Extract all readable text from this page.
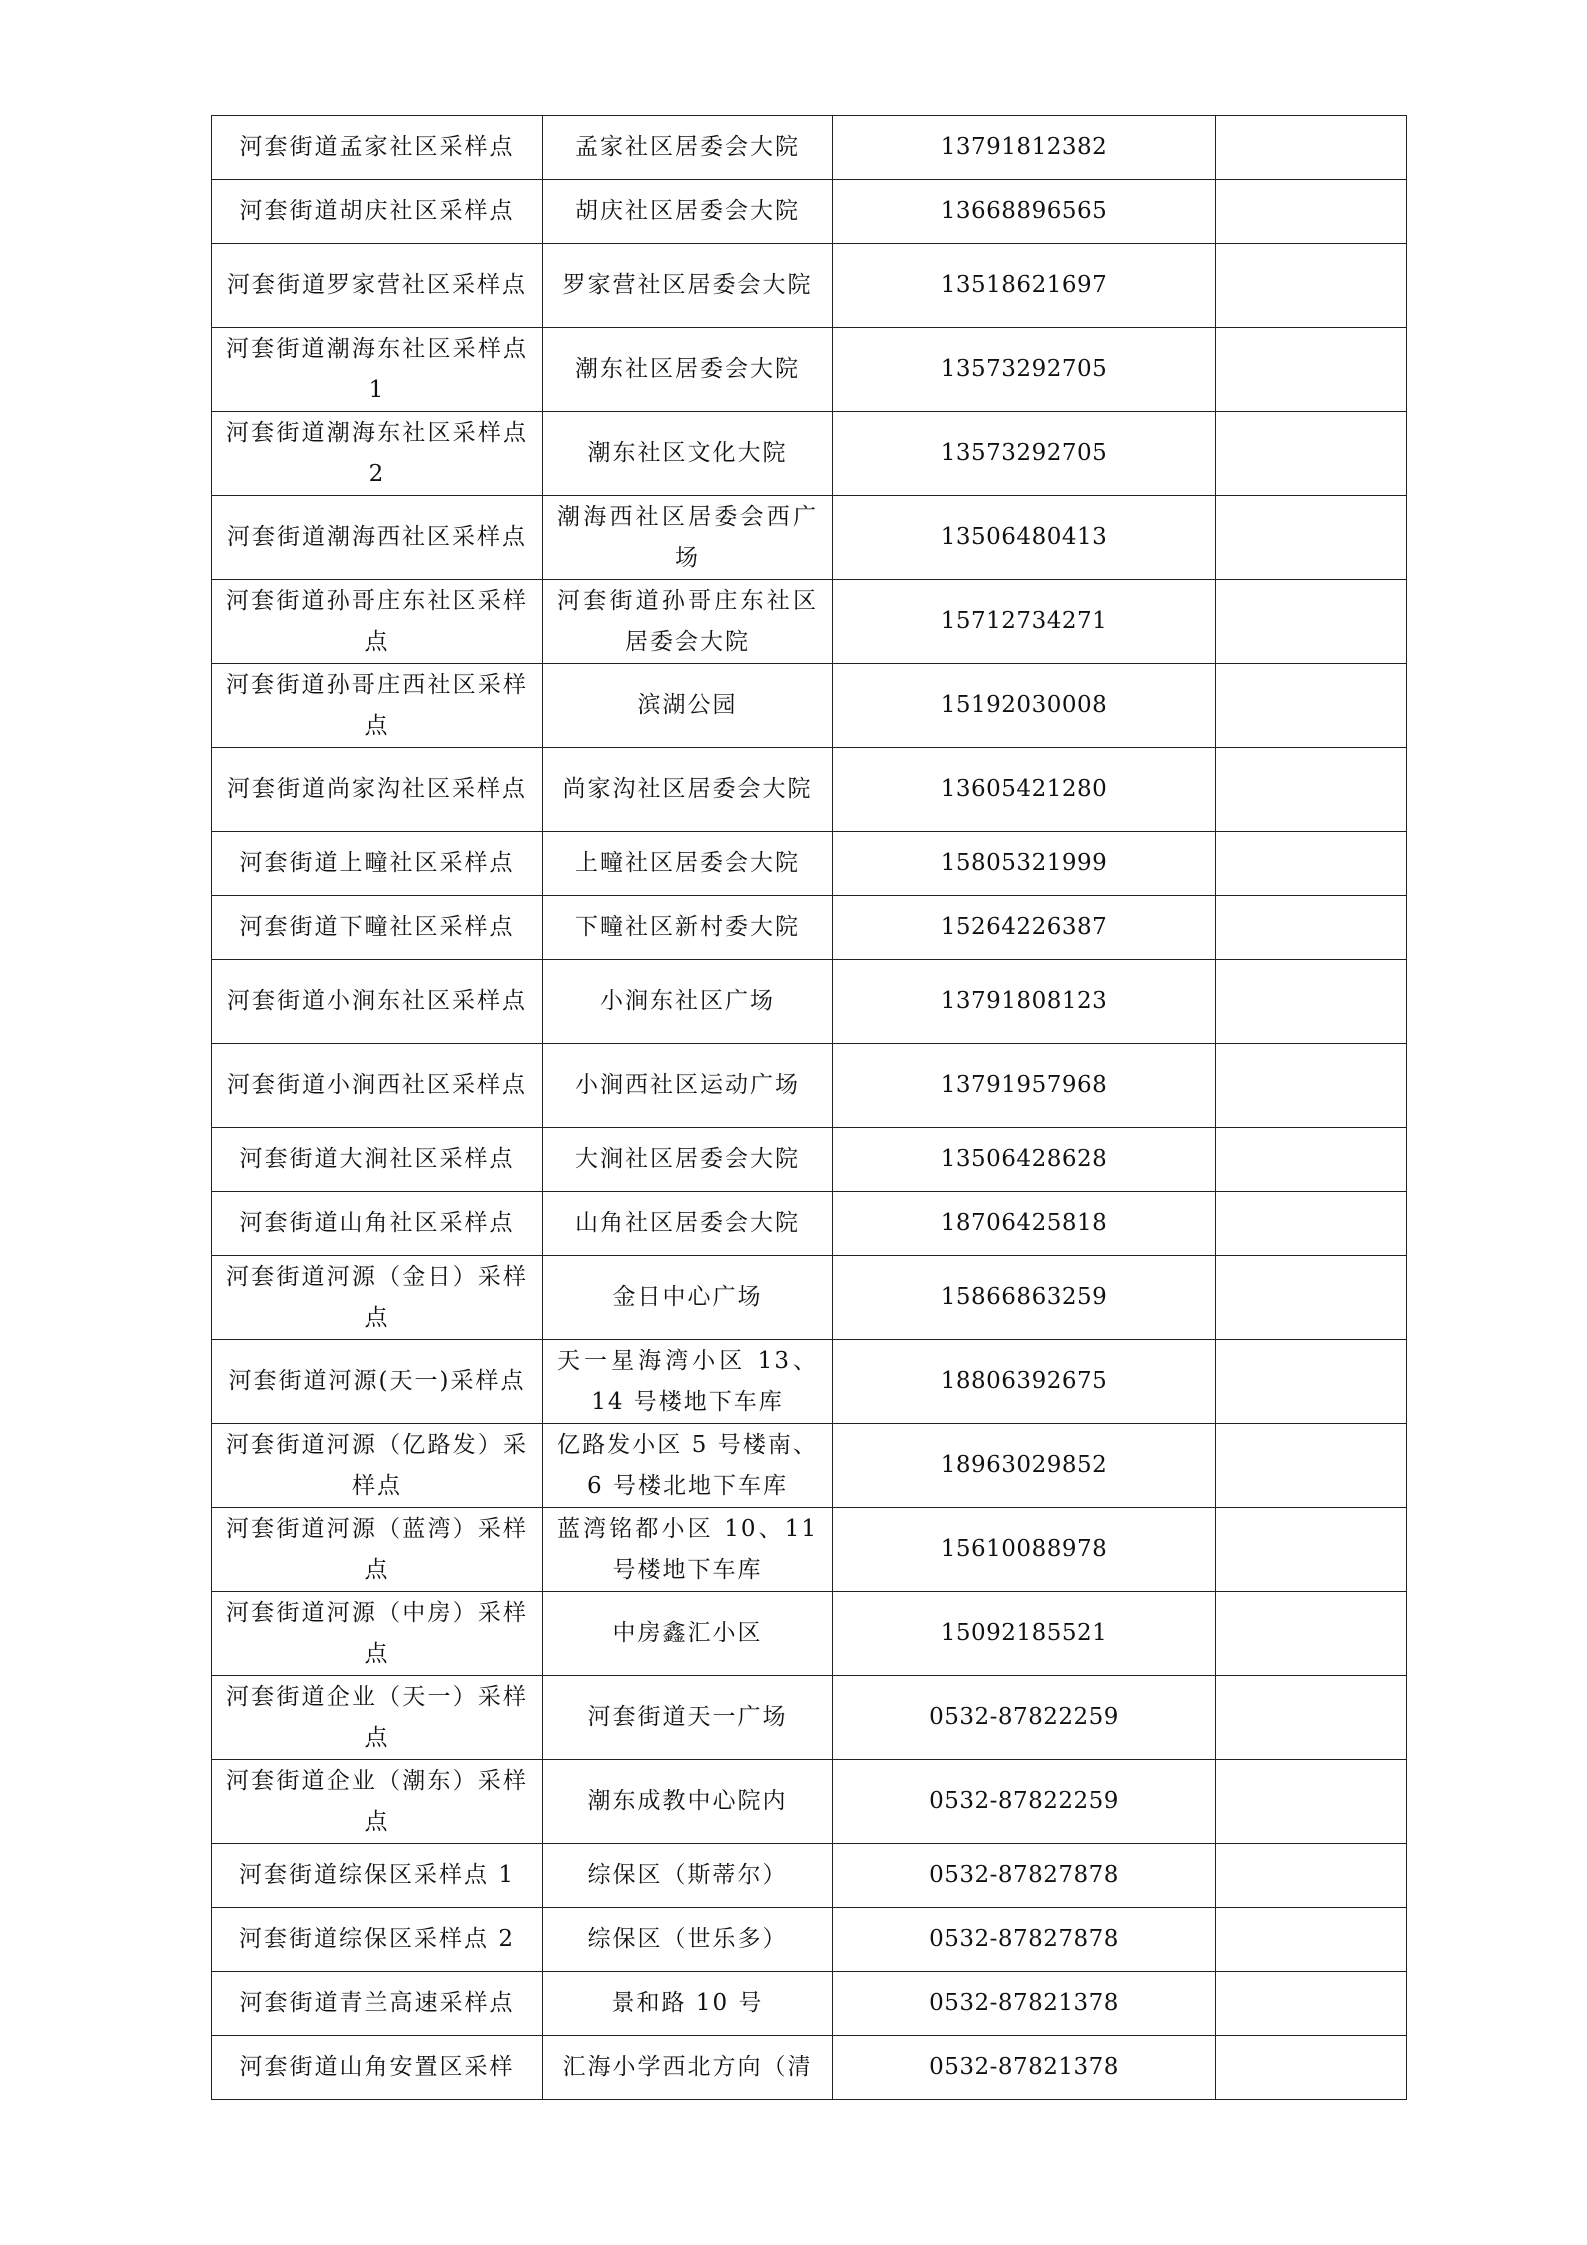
河套街道孟家社区采样点	孟家社区居委会大院	13791812382	
河套街道胡庆社区采样点	胡庆社区居委会大院	13668896565	
河套街道罗家营社区采样点	罗家营社区居委会大院	13518621697	
河套街道潮海东社区采样点 1	潮东社区居委会大院	13573292705	
河套街道潮海东社区采样点 2	潮东社区文化大院	13573292705	
河套街道潮海西社区采样点	潮海西社区居委会西广场	13506480413	
河套街道孙哥庄东社区采样点	河套街道孙哥庄东社区居委会大院	15712734271	
河套街道孙哥庄西社区采样点	滨湖公园	15192030008	
河套街道尚家沟社区采样点	尚家沟社区居委会大院	13605421280	
河套街道上疃社区采样点	上疃社区居委会大院	15805321999	
河套街道下疃社区采样点	下疃社区新村委大院	15264226387	
河套街道小涧东社区采样点	小涧东社区广场	13791808123	
河套街道小涧西社区采样点	小涧西社区运动广场	13791957968	
河套街道大涧社区采样点	大涧社区居委会大院	13506428628	
河套街道山角社区采样点	山角社区居委会大院	18706425818	
河套街道河源（金日）采样点	金日中心广场	15866863259	
河套街道河源(天一)采样点	天一星海湾小区 13、14 号楼地下车库	18806392675	
河套街道河源（亿路发）采样点	亿路发小区 5 号楼南、6 号楼北地下车库	18963029852	
河套街道河源（蓝湾）采样点	蓝湾铭都小区 10、11 号楼地下车库	15610088978	
河套街道河源（中房）采样点	中房鑫汇小区	15092185521	
河套街道企业（天一）采样点	河套街道天一广场	0532-87822259	
河套街道企业（潮东）采样点	潮东成教中心院内	0532-87822259	
河套街道综保区采样点 1	综保区（斯蒂尔）	0532-87827878	
河套街道综保区采样点 2	综保区（世乐多）	0532-87827878	
河套街道青兰高速采样点	景和路 10 号	0532-87821378	
河套街道山角安置区采样	汇海小学西北方向（清	0532-87821378	
